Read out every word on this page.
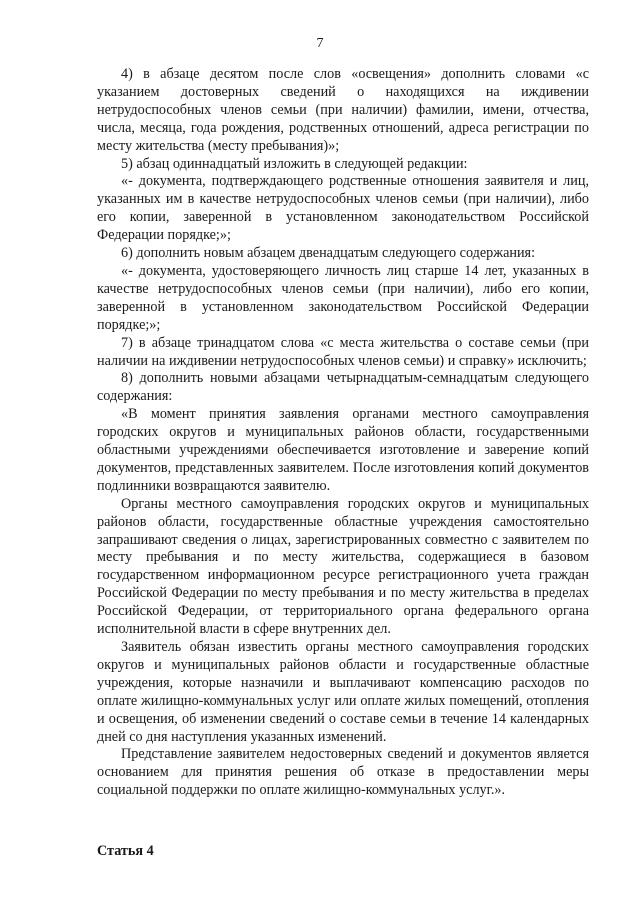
7

4) в абзаце десятом после слов «освещения» дополнить словами «с указанием достоверных сведений о находящихся на иждивении нетрудоспособных членов семьи (при наличии) фамилии, имени, отчества, числа, месяца, года рождения, родственных отношений, адреса регистрации по месту жительства (месту пребывания)»;

5) абзац одиннадцатый изложить в следующей редакции:

«- документа, подтверждающего родственные отношения заявителя и лиц, указанных им в качестве нетрудоспособных членов семьи (при наличии), либо его копии, заверенной в установленном законодательством Российской Федерации порядке;»;

6) дополнить новым абзацем двенадцатым следующего содержания:

«- документа, удостоверяющего личность лиц старше 14 лет, указанных в качестве нетрудоспособных членов семьи (при наличии), либо его копии, заверенной в установленном законодательством Российской Федерации порядке;»;

7) в абзаце тринадцатом слова «с места жительства о составе семьи (при наличии на иждивении нетрудоспособных членов семьи) и справку» исключить;

8) дополнить новыми абзацами четырнадцатым-семнадцатым следующего содержания:

«В момент принятия заявления органами местного самоуправления городских округов и муниципальных районов области, государственными областными учреждениями обеспечивается изготовление и заверение копий документов, представленных заявителем. После изготовления копий документов подлинники возвращаются заявителю.

Органы местного самоуправления городских округов и муниципальных районов области, государственные областные учреждения самостоятельно запрашивают сведения о лицах, зарегистрированных совместно с заявителем по месту пребывания и по месту жительства, содержащиеся в базовом государственном информационном ресурсе регистрационного учета граждан Российской Федерации по месту пребывания и по месту жительства в пределах Российской Федерации, от территориального органа федерального органа исполнительной власти в сфере внутренних дел.

Заявитель обязан известить органы местного самоуправления городских округов и муниципальных районов области и государственные областные учреждения, которые назначили и выплачивают компенсацию расходов по оплате жилищно-коммунальных услуг или оплате жилых помещений, отопления и освещения, об изменении сведений о составе семьи в течение 14 календарных дней со дня наступления указанных изменений.

Представление заявителем недостоверных сведений и документов является основанием для принятия решения об отказе в предоставлении меры социальной поддержки по оплате жилищно-коммунальных услуг.».

Статья 4
